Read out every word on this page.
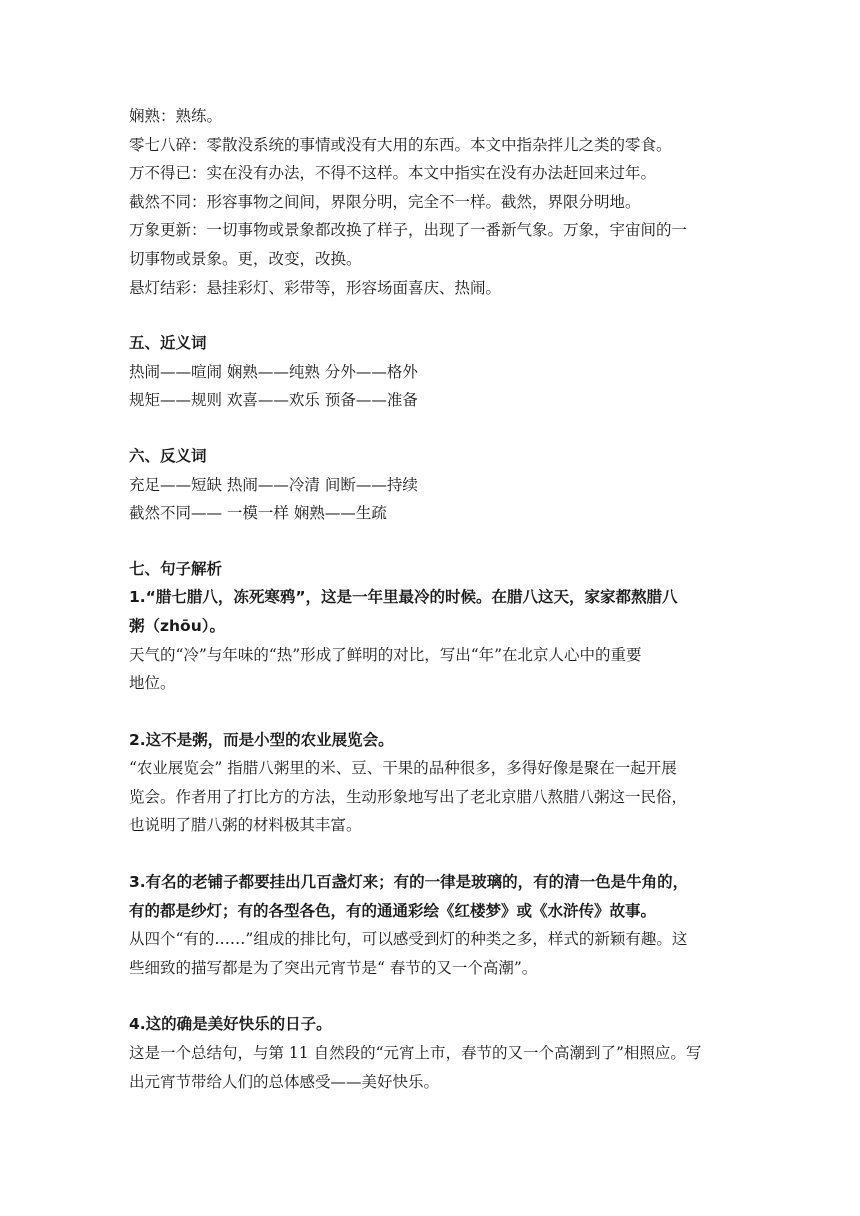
娴熟：熟练。

零七八碎：零散没系统的事情或没有大用的东西。本文中指杂拌儿之类的零食。

万不得已：实在没有办法，不得不这样。本文中指实在没有办法赶回来过年。

截然不同：形容事物之间间，界限分明，完全不一样。截然，界限分明地。

万象更新：一切事物或景象都改换了样子，出现了一番新气象。万象，宇宙间的一

切事物或景象。更，改变，改换。

悬灯结彩：悬挂彩灯、彩带等，形容场面喜庆、热闹。

五、近义词

热闹——喧闹 娴熟——纯熟 分外——格外

规矩——规则 欢喜——欢乐 预备——准备

六、反义词

充足——短缺 热闹——冷清 间断——持续

截然不同—— 一模一样 娴熟——生疏

七、句子解析

1.“腊七腊八，冻死寒鸦”，这是一年里最冷的时候。在腊八这天，家家都熬腊八

粥（zhōu）。

天气的“冷”与年味的“热”形成了鲜明的对比，写出“年”在北京人心中的重要

地位。

2.这不是粥，而是小型的农业展览会。

“农业展览会” 指腊八粥里的米、豆、干果的品种很多，多得好像是聚在一起开展

览会。作者用了打比方的方法，生动形象地写出了老北京腊八熬腊八粥这一民俗，

也说明了腊八粥的材料极其丰富。

3.有名的老铺子都要挂出几百盏灯来；有的一律是玻璃的，有的清一色是牛角的，

有的都是纱灯；有的各型各色，有的通通彩绘《红楼梦》或《水浒传》故事。

从四个“有的……”组成的排比句，可以感受到灯的种类之多，样式的新颖有趣。这

些细致的描写都是为了突出元宵节是“ 春节的又一个高潮”。

4.这的确是美好快乐的日子。

这是一个总结句，与第 11 自然段的“元宵上市，春节的又一个高潮到了”相照应。写

出元宵节带给人们的总体感受——美好快乐。
